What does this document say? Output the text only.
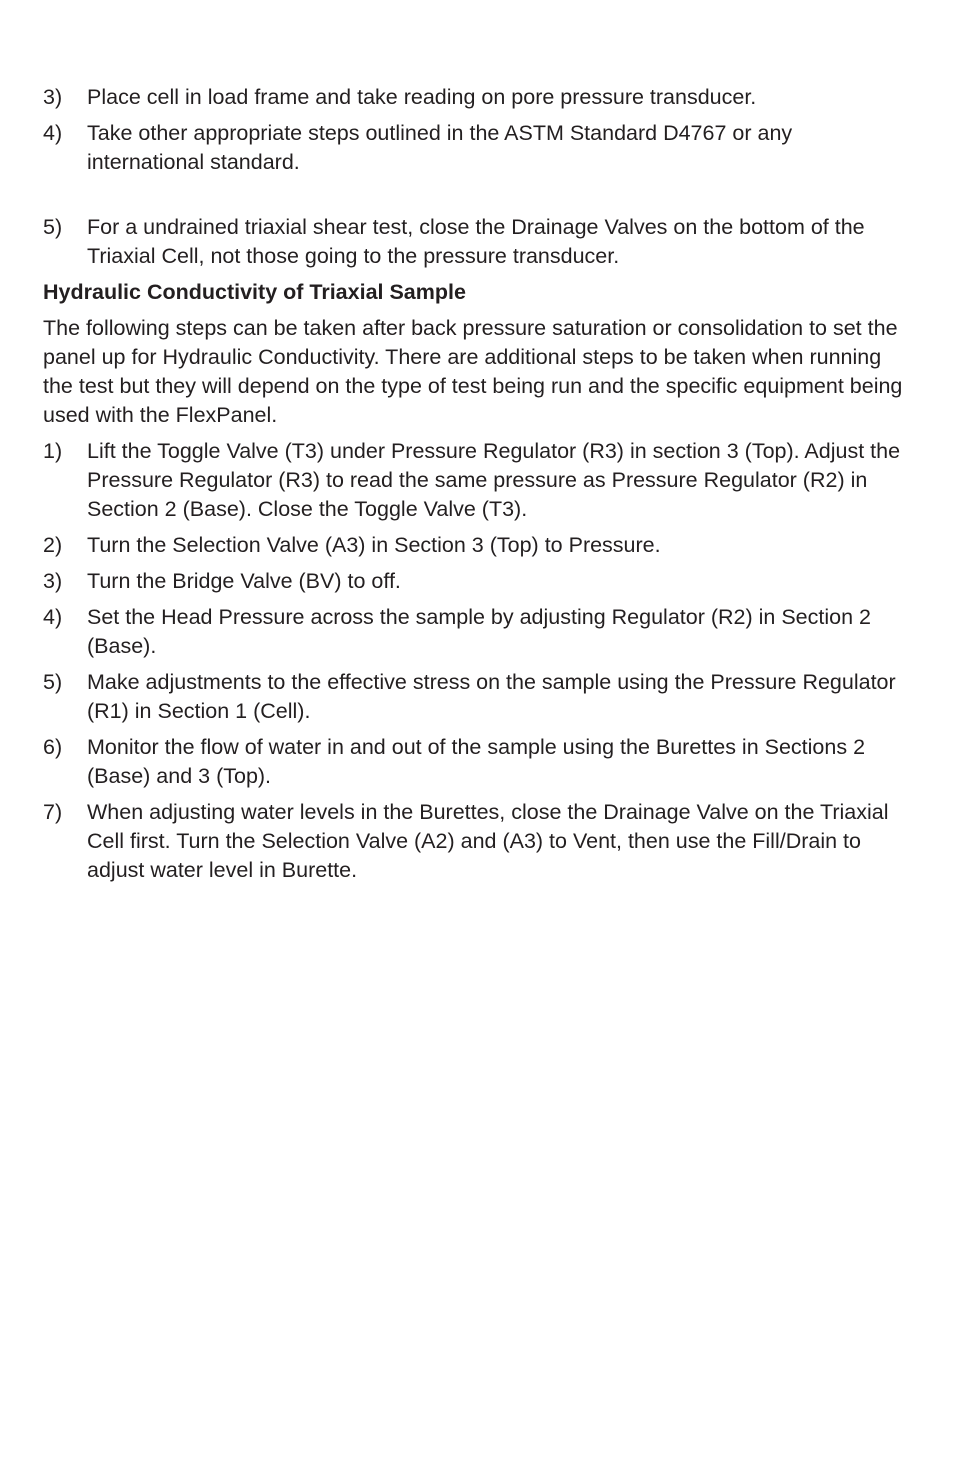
3)	Place cell in load frame and take reading on pore pressure transducer.
4)	Take other appropriate steps outlined in the ASTM Standard D4767 or any international standard.
5)	For a undrained triaxial shear test, close the Drainage Valves on the bottom of the Triaxial Cell, not those going to the pressure transducer.
Hydraulic Conductivity of Triaxial Sample
The following steps can be taken after back pressure saturation or consolidation to set the panel up for Hydraulic Conductivity. There are additional steps to be taken when running the test but they will depend on the type of test being run and the specific equipment being used with the FlexPanel.
1)	Lift the Toggle Valve (T3) under Pressure Regulator (R3) in section 3 (Top). Adjust the Pressure Regulator (R3) to read the same pressure as Pressure Regulator (R2) in Section 2 (Base). Close the Toggle Valve (T3).
2)	Turn the Selection Valve (A3) in Section 3 (Top) to Pressure.
3)	Turn the Bridge Valve (BV) to off.
4)	Set the Head Pressure across the sample by adjusting Regulator (R2) in Section 2 (Base).
5)	Make adjustments to the effective stress on the sample using the Pressure Regulator (R1) in Section 1 (Cell).
6)	Monitor the flow of water in and out of the sample using the Burettes in Sections 2 (Base) and 3 (Top).
7)	When adjusting water levels in the Burettes, close the Drainage Valve on the Triaxial Cell first. Turn the Selection Valve (A2) and (A3) to Vent, then use the Fill/Drain to adjust water level in Burette.
